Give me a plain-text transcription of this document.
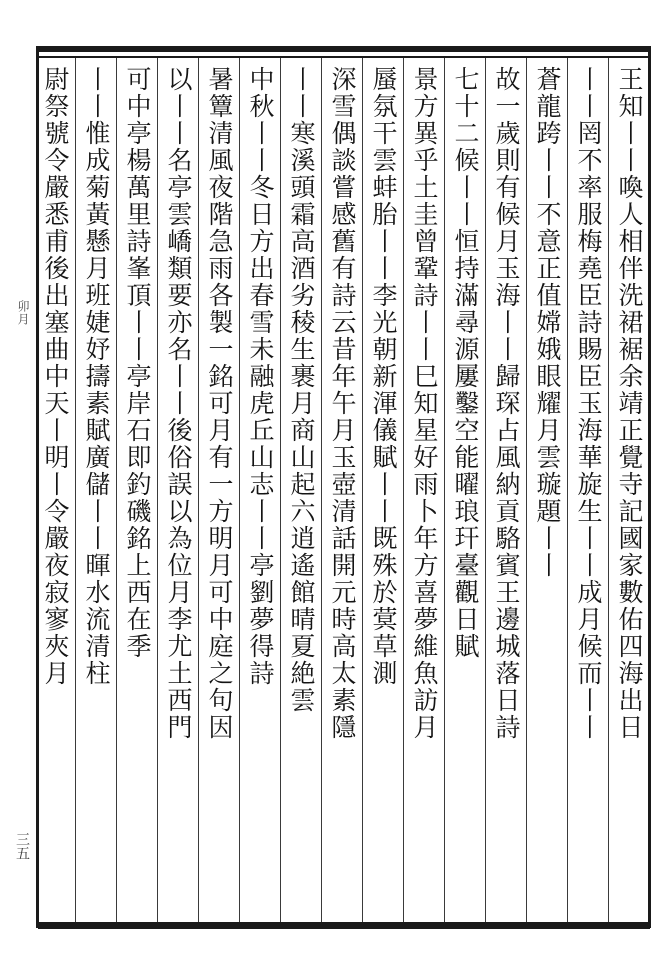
王知丨丨喚人相伴洗裙裾余靖正覺寺記國家數佑四海出日
丨丨罔不率服梅堯臣詩賜臣玉海華旋生丨丨成月候而丨丨
蒼龍跨丨丨不意正值嫦娥眼耀月雲璇題丨丨
故一歲則有候月玉海丨丨歸琛占風納貢駱賓王邊城落日詩
七十二候丨丨恒持滿尋源屢鑿空能曜琅玕臺觀日賦
景方異乎土圭曾鞏詩丨丨巳知星好雨卜年方喜夢維魚訪月
蜃氛干雲蚌胎丨丨李光朝新渾儀賦丨丨既殊於蓂草測
深雪偶談嘗感舊有詩云昔年午月玉壺清話開元時高太素隱
丨丨寒溪頭霜高酒劣稜生裹月商山起六逍遙館晴夏絶雲
中秋丨丨冬日方出春雪未融虎丘山志丨丨亭劉夢得詩
暑簟清風夜階急雨各製一銘可月有一方明月可中庭之句因
以丨丨名亭雲嶠類要亦名丨丨後俗誤以為位月李尤土西門
可中亭楊萬里詩峯頂丨丨亭岸石即釣磯銘上西在季
丨丨惟成菊黃懸月班婕妤擣素賦廣儲丨丨暉水流清柱
尉祭號令嚴悉甫後出塞曲中天丨明丨令嚴夜寂寥夾月
卯月
三五
